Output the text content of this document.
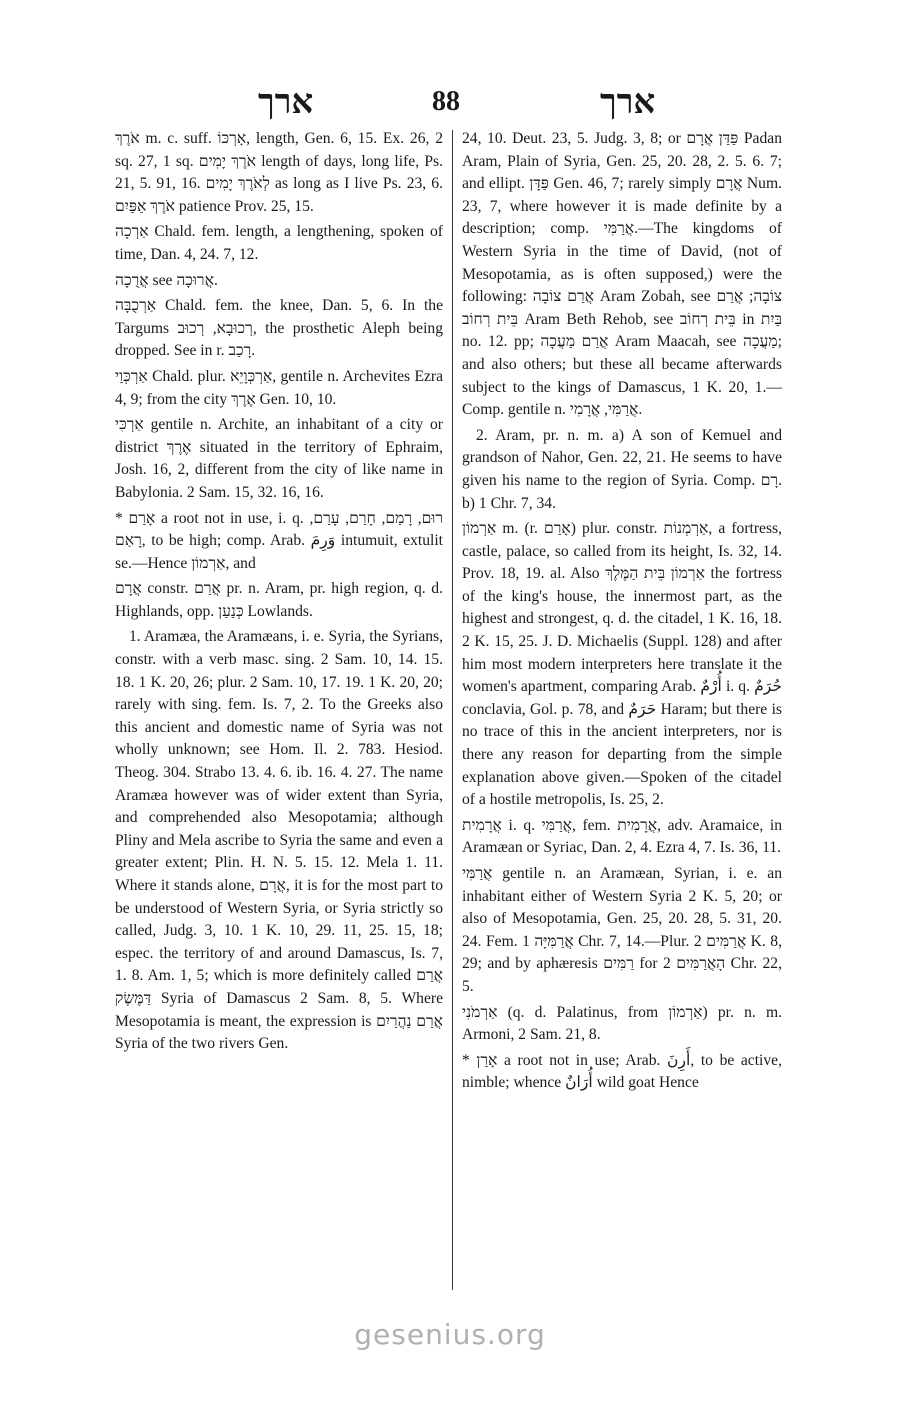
ארך	88	ארך

אֹרֶךְ m. c. suff. אָרְכּוֹ, length, Gen. 6, 15. Ex. 26, 2 sq. 27, 1 sq. אֹרֶךְ יָמִים length of days, long life, Ps. 21, 5. 91, 16. לְאֹרֶךְ יָמִים as long as I live Ps. 23, 6. אֹרֶךְ אַפַּיִם patience Prov. 25, 15.

אַרְכָה Chald. fem. length, a lengthening, spoken of time, Dan. 4, 24. 7, 12.

אֲרֻכָה see אֲרוּכָה.

אַרְכֻבָּה Chald. fem. the knee, Dan. 5, 6. In the Targums רְכוּבָא, רְכוּב, the prosthetic Aleph being dropped. See in r. רָכַב.

אַרְכְּוַי Chald. plur. אַרְכְּוָיֵא, gentile n. Archevites Ezra 4, 9; from the city אֶרֶךְ Gen. 10, 10.

אַרְכִּי gentile n. Archite, an inhabitant of a city or district אֶרֶךְ situated in the territory of Ephraim, Josh. 16, 2, different from the city of like name in Babylonia. 2 Sam. 15, 32. 16, 16.

* אָרַם a root not in use, i. q. רוּם, רָמַם, חָרַם, עָרַם, רָאַם, to be high; comp. Arab. وَرِمَ intumuit, extulit se.—Hence אַרְמוֹן, and

אֲרָם constr. אֲרַם pr. n. Aram, pr. high region, q. d. Highlands, opp. כְּנַעַן Lowlands.

1. Aramæa, the Aramæans, i. e. Syria, the Syrians, constr. with a verb masc. sing. 2 Sam. 10, 14. 15. 18. 1 K. 20, 26; plur. 2 Sam. 10, 17. 19. 1 K. 20, 20; rarely with sing. fem. Is. 7, 2. To the Greeks also this ancient and domestic name of Syria was not wholly unknown; see Hom. Il. 2. 783. Hesiod. Theog. 304. Strabo 13. 4. 6. ib. 16. 4. 27. The name Aramæa however was of wider extent than Syria, and comprehended also Mesopotamia; although Pliny and Mela ascribe to Syria the same and even a greater extent; Plin. H. N. 5. 15. 12. Mela 1. 11. Where it stands alone, אֲרָם, it is for the most part to be understood of Western Syria, or Syria strictly so called, Judg. 3, 10. 1 K. 10, 29. 11, 25. 15, 18; espec. the territory of and around Damascus, Is. 7, 1. 8. Am. 1, 5; which is more definitely called אֲרַם דַּמֶּשֶׂק Syria of Damascus 2 Sam. 8, 5. Where Mesopotamia is meant, the expression is אֲרַם נַהֲרַיִם Syria of the two rivers Gen.

24, 10. Deut. 23, 5. Judg. 3, 8; or פַּדַּן אֲרָם Padan Aram, Plain of Syria, Gen. 25, 20. 28, 2. 5. 6. 7; and ellipt. פַּדָּן Gen. 46, 7; rarely simply אֲרָם Num. 23, 7, where however it is made definite by a description; comp. אֲרַמִּי.—The kingdoms of Western Syria in the time of David, (not of Mesopotamia, as is often supposed,) were the following: אֲרַם צוֹבָה Aram Zobah, see צוֹבָה; אֲרַם בֵּית רְחוֹב Aram Beth Rehob, see בֵּית רְחוֹב in בַּיִת no. 12. pp; אֲרַם מַעֲכָה Aram Maacah, see מַעֲכָה; and also others; but these all became afterwards subject to the kings of Damascus, 1 K. 20, 1.—Comp. gentile n. אֲרַמִּי, אֲרָמִי.

2. Aram, pr. n. m. a) A son of Kemuel and grandson of Nahor, Gen. 22, 21. He seems to have given his name to the region of Syria. Comp. רָם. b) 1 Chr. 7, 34.

אַרְמוֹן m. (r. אָרַם) plur. constr. אַרְמְנוֹת, a fortress, castle, palace, so called from its height, Is. 32, 14. Prov. 18, 19. al. Also אַרְמוֹן בֵּית הַמֶּלֶךְ the fortress of the king's house, the innermost part, as the highest and strongest, q. d. the citadel, 1 K. 16, 18. 2 K. 15, 25. J. D. Michaelis (Suppl. 128) and after him most modern interpreters here translate it the women's apartment, comparing Arab. أُرْمٌ i. q. حُرَمٌ conclavia, Gol. p. 78, and حَرَمٌ Haram; but there is no trace of this in the ancient interpreters, nor is there any reason for departing from the simple explanation above given.—Spoken of the citadel of a hostile metropolis, Is. 25, 2.

אֲרָמִית i. q. אֲרַמִּי, fem. אֲרָמִית, adv. Aramaice, in Aramæan or Syriac, Dan. 2, 4. Ezra 4, 7. Is. 36, 11.

אֲרַמִּי gentile n. an Aramæan, Syrian, i. e. an inhabitant either of Western Syria 2 K. 5, 20; or also of Mesopotamia, Gen. 25, 20. 28, 5. 31, 20. 24. Fem. אֲרַמִּיָּה 1 Chr. 7, 14.—Plur. אֲרַמִּים 2 K. 8, 29; and by aphæresis רַמִּים for הָאֲרַמִּים 2 Chr. 22, 5.

אַרְמֹנִי (q. d. Palatinus, from אַרְמוֹן) pr. n. m. Armoni, 2 Sam. 21, 8.

* אָרַן a root not in use; Arab. أَرِنَ, to be active, nimble; whence أُرَانٌ wild goat Hence

gesenius.org
